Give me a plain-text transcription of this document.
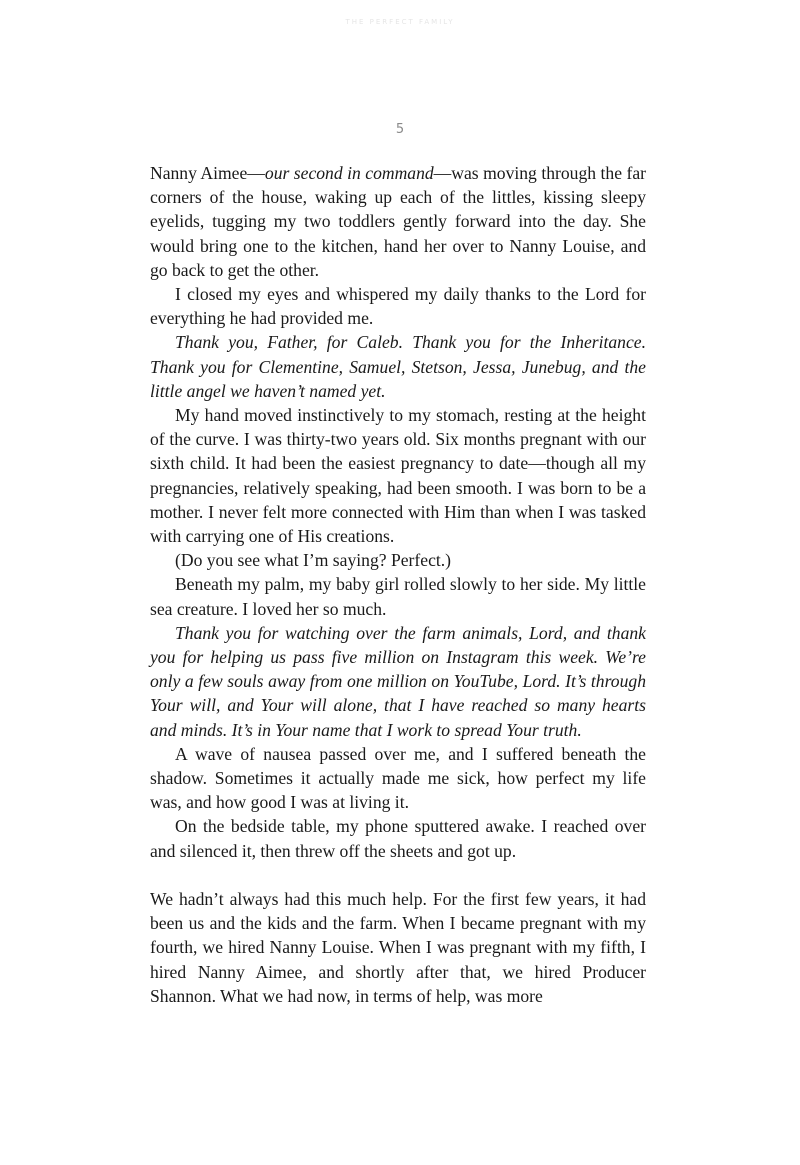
THE PERFECT FAMILY
5

Nanny Aimee—our second in command—was moving through the far corners of the house, waking up each of the littles, kissing sleepy eyelids, tugging my two toddlers gently forward into the day. She would bring one to the kitchen, hand her over to Nanny Louise, and go back to get the other.

I closed my eyes and whispered my daily thanks to the Lord for everything he had provided me.

Thank you, Father, for Caleb. Thank you for the Inheritance. Thank you for Clementine, Samuel, Stetson, Jessa, Junebug, and the little angel we haven’t named yet.

My hand moved instinctively to my stomach, resting at the height of the curve. I was thirty-two years old. Six months pregnant with our sixth child. It had been the easiest pregnancy to date—though all my pregnancies, relatively speaking, had been smooth. I was born to be a mother. I never felt more connected with Him than when I was tasked with carrying one of His creations.

(Do you see what I’m saying? Perfect.)

Beneath my palm, my baby girl rolled slowly to her side. My little sea creature. I loved her so much.

Thank you for watching over the farm animals, Lord, and thank you for helping us pass five million on Instagram this week. We’re only a few souls away from one million on YouTube, Lord. It’s through Your will, and Your will alone, that I have reached so many hearts and minds. It’s in Your name that I work to spread Your truth.

A wave of nausea passed over me, and I suffered beneath the shadow. Sometimes it actually made me sick, how perfect my life was, and how good I was at living it.

On the bedside table, my phone sputtered awake. I reached over and silenced it, then threw off the sheets and got up.

We hadn’t always had this much help. For the first few years, it had been us and the kids and the farm. When I became pregnant with my fourth, we hired Nanny Louise. When I was pregnant with my fifth, I hired Nanny Aimee, and shortly after that, we hired Producer Shannon. What we had now, in terms of help, was more
